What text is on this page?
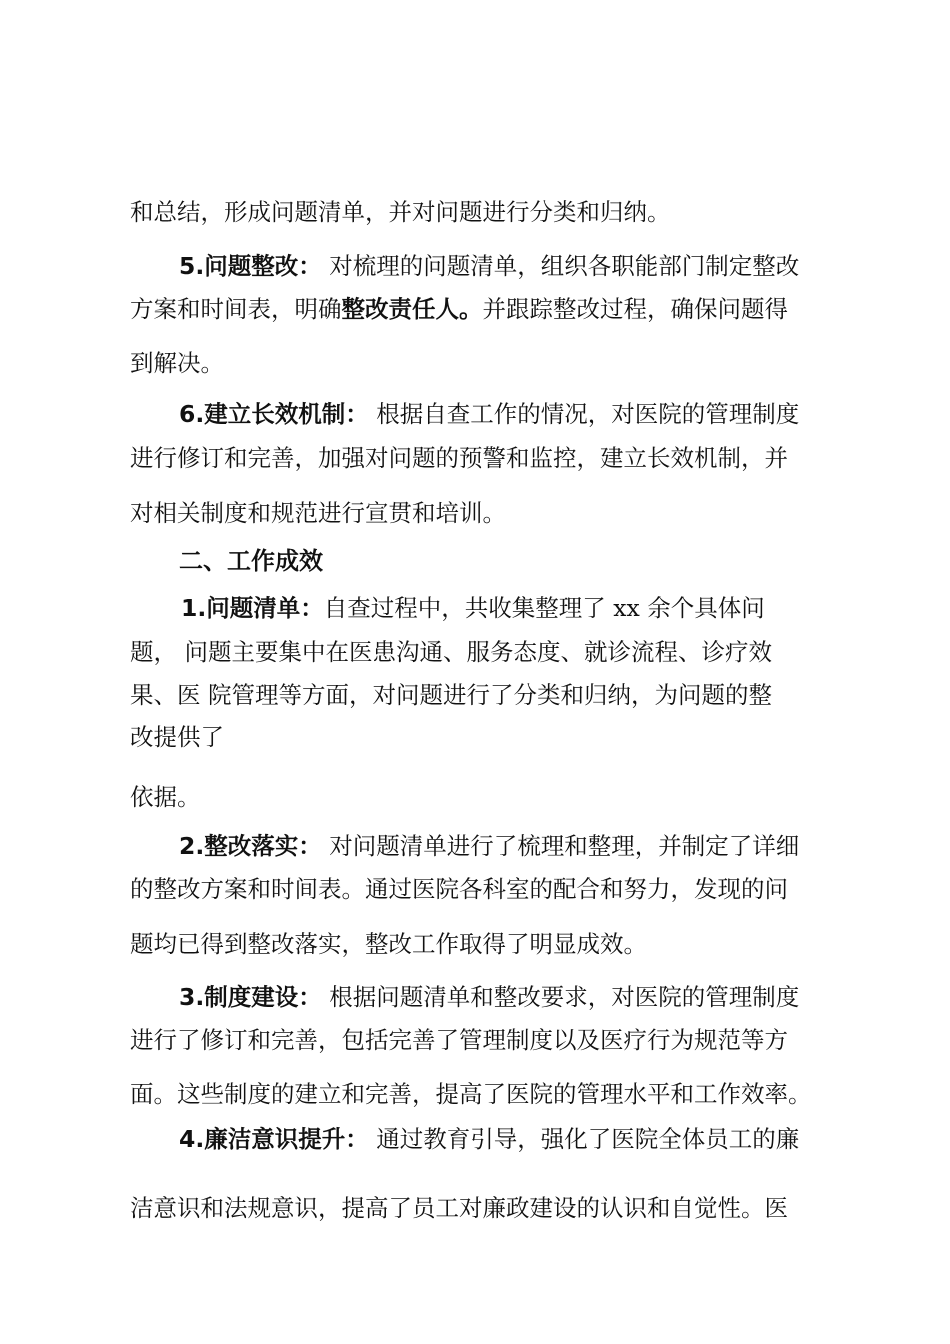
和总结，形成问题清单，并对问题进行分类和归纳。
5.问题整改： 对梳理的问题清单，组织各职能部门制定整改
方案和时间表，明确整改责任人。并跟踪整改过程，确保问题得
到解决。
6.建立长效机制： 根据自查工作的情况，对医院的管理制度
进行修订和完善，加强对问题的预警和监控，建立长效机制，并
对相关制度和规范进行宣贯和培训。
二、工作成效
1.问题清单：自查过程中，共收集整理了 xx 余个具体问
题， 问题主要集中在医患沟通、服务态度、就诊流程、诊疗效
果、医 院管理等方面，对问题进行了分类和归纳，为问题的整
改提供了
依据。
2.整改落实： 对问题清单进行了梳理和整理，并制定了详细
的整改方案和时间表。通过医院各科室的配合和努力，发现的问
题均已得到整改落实，整改工作取得了明显成效。
3.制度建设： 根据问题清单和整改要求，对医院的管理制度
进行了修订和完善，包括完善了管理制度以及医疗行为规范等方
面。这些制度的建立和完善，提高了医院的管理水平和工作效率。
4.廉洁意识提升： 通过教育引导，强化了医院全体员工的廉
洁意识和法规意识，提高了员工对廉政建设的认识和自觉性。医
